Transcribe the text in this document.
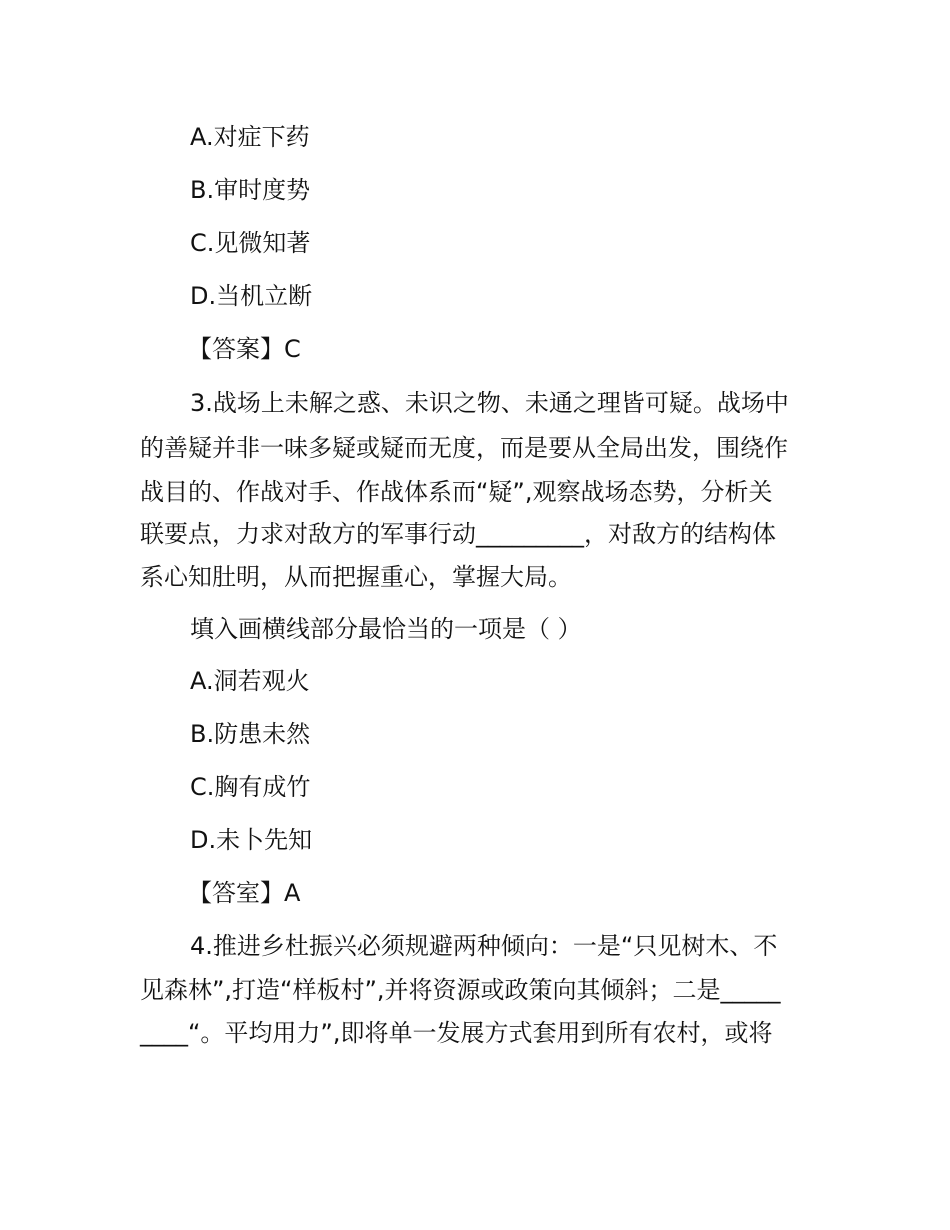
A.对症下药
B.审时度势
C.见微知著
D.当机立断
【答案】C
3.战场上未解之惑、未识之物、未通之理皆可疑。战场中
的善疑并非一味多疑或疑而无度，而是要从全局出发，围绕作
战目的、作战对手、作战体系而“疑”,观察战场态势，分析关
联要点，力求对敌方的军事行动_________，对敌方的结构体
系心知肚明，从而把握重心，掌握大局。
填入画横线部分最恰当的一项是（ ）
A.洞若观火
B.防患未然
C.胸有成竹
D.未卜先知
【答室】A
4.推进乡杜振兴必须规避两种倾向：一是“只见树木、不
见森林”,打造“样板村”,并将资源或政策向其倾斜；二是_____
____“。平均用力”,即将单一发展方式套用到所有农村，或将
